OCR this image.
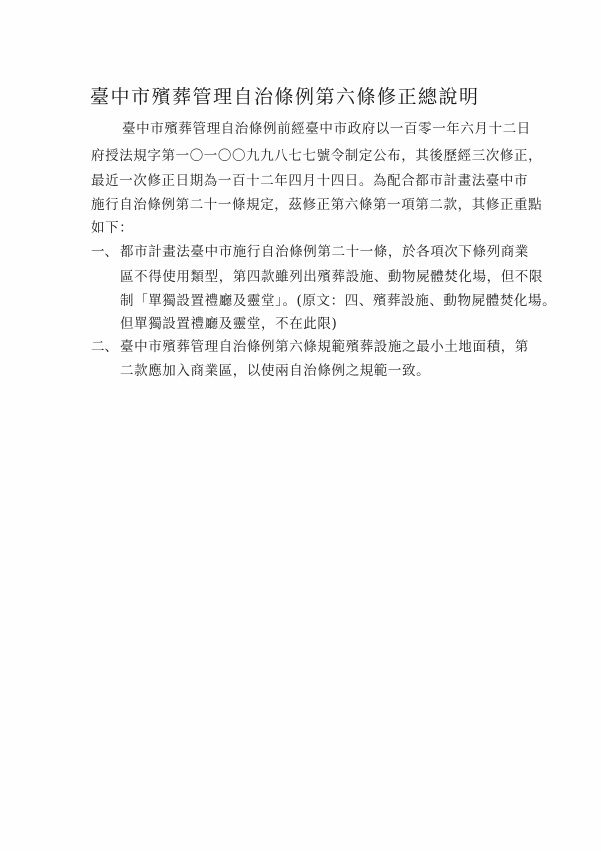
臺中市殯葬管理自治條例第六條修正總說明
臺中市殯葬管理自治條例前經臺中市政府以一百零一年六月十二日
府授法規字第一〇一〇〇九九八七七號令制定公布，其後歷經三次修正，
最近一次修正日期為一百十二年四月十四日。為配合都市計畫法臺中市
施行自治條例第二十一條規定，茲修正第六條第一項第二款，其修正重點
如下：
一、 都市計畫法臺中市施行自治條例第二十一條，於各項次下條列商業
區不得使用類型，第四款雖列出殯葬設施、動物屍體焚化場，但不限
制「單獨設置禮廳及靈堂」。(原文：四、殯葬設施、動物屍體焚化場。
但單獨設置禮廳及靈堂，不在此限)
二、 臺中市殯葬管理自治條例第六條規範殯葬設施之最小土地面積，第
二款應加入商業區，以使兩自治條例之規範一致。
